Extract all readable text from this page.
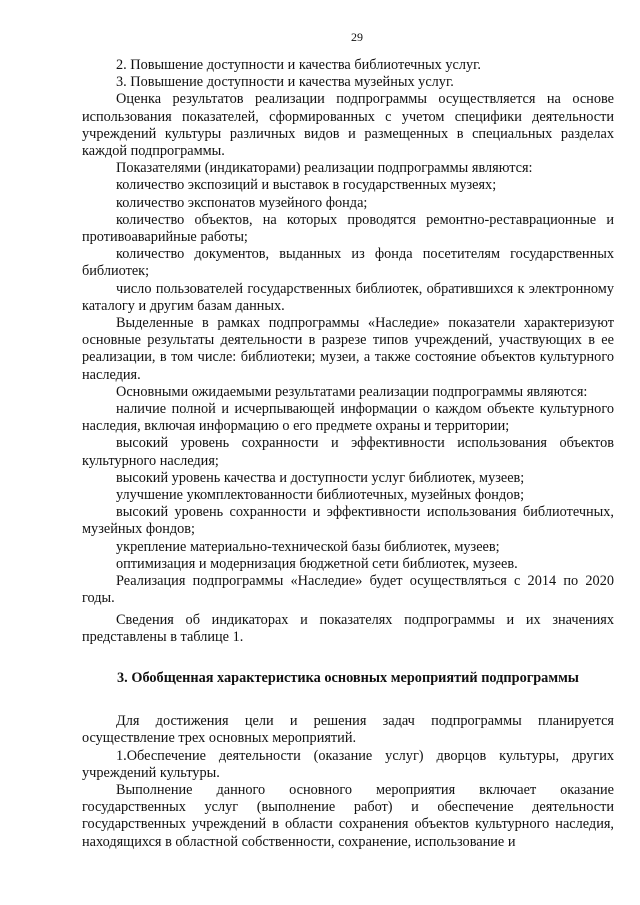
29

2. Повышение доступности и качества библиотечных услуг.

3. Повышение доступности и качества музейных услуг.

Оценка результатов реализации подпрограммы осуществляется на основе использования показателей, сформированных с учетом специфики деятельности учреждений культуры различных видов и размещенных в специальных разделах каждой подпрограммы.

Показателями (индикаторами) реализации подпрограммы являются:

количество экспозиций и выставок в государственных музеях;

количество экспонатов музейного фонда;

количество объектов, на которых проводятся ремонтно-реставрационные и противоаварийные работы;

количество документов, выданных из фонда посетителям государственных библиотек;

число пользователей государственных библиотек, обратившихся к электронному каталогу и другим базам данных.

Выделенные в рамках подпрограммы «Наследие» показатели характеризуют основные результаты деятельности в разрезе типов учреждений, участвующих в ее реализации, в том числе: библиотеки; музеи, а также состояние объектов культурного наследия.

Основными ожидаемыми результатами реализации подпрограммы являются:

наличие полной и исчерпывающей информации о каждом объекте культурного наследия, включая информацию о его предмете охраны и территории;

высокий уровень сохранности и эффективности использования объектов культурного наследия;

высокий уровень качества и доступности услуг библиотек, музеев;

улучшение укомплектованности библиотечных, музейных фондов;

высокий уровень сохранности и эффективности использования библиотечных, музейных фондов;

укрепление материально-технической базы библиотек, музеев;

оптимизация и модернизация бюджетной сети библиотек, музеев.

Реализация подпрограммы «Наследие» будет осуществляться с 2014 по 2020 годы.

Сведения об индикаторах и показателях подпрограммы и их значениях представлены в таблице 1.

3. Обобщенная характеристика основных мероприятий подпрограммы

Для достижения цели и решения задач подпрограммы планируется осуществление трех основных мероприятий.

1.Обеспечение деятельности (оказание услуг) дворцов культуры, других учреждений культуры.

Выполнение данного основного мероприятия включает оказание государственных услуг (выполнение работ) и обеспечение деятельности государственных учреждений в области сохранения объектов культурного наследия, находящихся в областной собственности, сохранение, использование и
